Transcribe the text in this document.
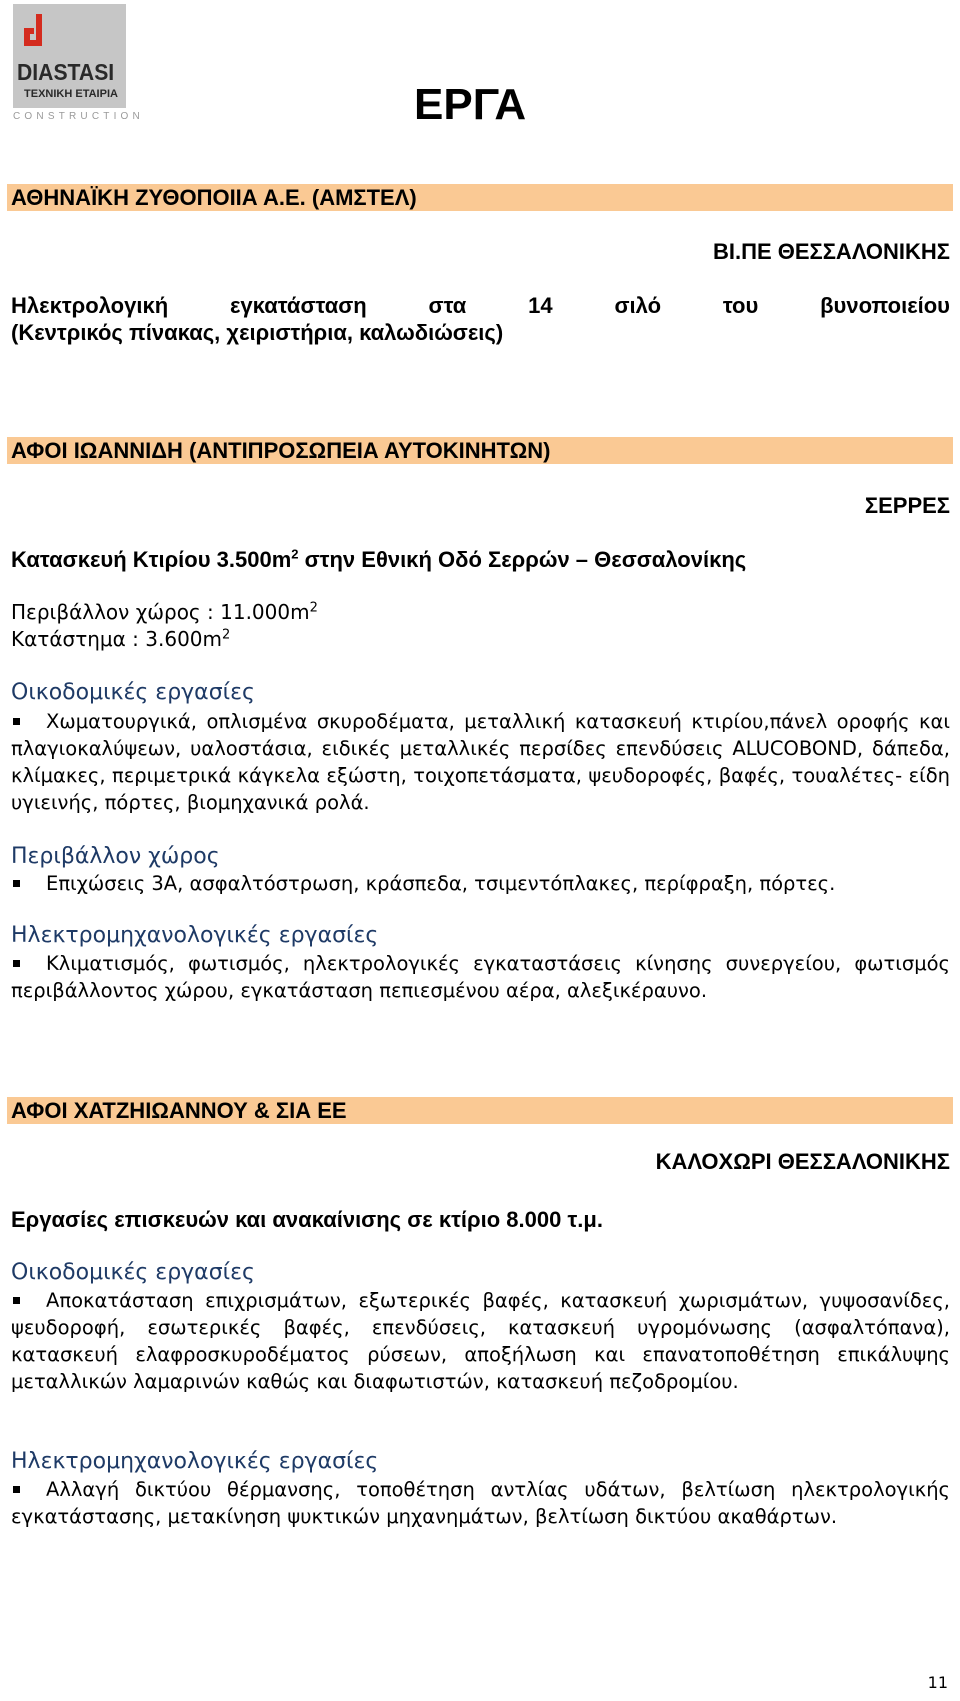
DIASTASI
ΤΕΧΝΙΚΗ ΕΤΑΙΡΙΑ
CONSTRUCTION	ΕΡΓΑ
ΑΘΗΝΑΪΚΗ ΖΥΘΟΠΟΙΙΑ Α.Ε. (ΑΜΣΤΕΛ)
ΒΙ.ΠΕ ΘΕΣΣΑΛΟΝΙΚΗΣ
Ηλεκτρολογική εγκατάσταση στα 14 σιλό του βυνοποιείου
(Κεντρικός πίνακας, χειριστήρια, καλωδιώσεις)
ΑΦΟΙ ΙΩΑΝΝΙΔΗ (ΑΝΤΙΠΡΟΣΩΠΕΙΑ ΑΥΤΟΚΙΝΗΤΩΝ)
ΣΕΡΡΕΣ
Κατασκευή Κτιρίου $3.500m^2$ στην Εθνική Οδό Σερρών – Θεσσαλονίκης
Περιβάλλον χώρος : $11.000m^2$
Κατάστημα : $3.600m^2$
Οικοδομικές εργασίες
Χωματουργικά, οπλισμένα σκυροδέματα, μεταλλική κατασκευή κτιρίου,πάνελ οροφής και πλαγιοκαλύψεων, υαλοστάσια, ειδικές μεταλλικές περσίδες επενδύσεις ALUCOBOND, δάπεδα, κλίμακες, περιμετρικά κάγκελα εξώστη, τοιχοπετάσματα, ψευδοροφές, βαφές, τουαλέτες- είδη υγιεινής, πόρτες, βιομηχανικά ρολά.
Περιβάλλον χώρος
Επιχώσεις 3Α, ασφαλτόστρωση, κράσπεδα, τσιμεντόπλακες, περίφραξη, πόρτες.
Ηλεκτρομηχανολογικές εργασίες
Κλιματισμός, φωτισμός, ηλεκτρολογικές εγκαταστάσεις κίνησης συνεργείου, φωτισμός περιβάλλοντος χώρου, εγκατάσταση πεπιεσμένου αέρα, αλεξικέραυνο.
ΑΦΟΙ ΧΑΤΖΗΙΩΑΝΝΟΥ & ΣΙΑ ΕΕ
ΚΑΛΟΧΩΡΙ ΘΕΣΣΑΛΟΝΙΚΗΣ
Εργασίες επισκευών και ανακαίνισης σε κτίριο 8.000 τ.μ.
Οικοδομικές εργασίες
Αποκατάσταση επιχρισμάτων, εξωτερικές βαφές, κατασκευή χωρισμάτων, γυψοσανίδες, ψευδοροφή, εσωτερικές βαφές, επενδύσεις, κατασκευή υγρομόνωσης (ασφαλτόπανα), κατασκευή ελαφροσκυροδέματος ρύσεων, αποξήλωση και επανατοποθέτηση επικάλυψης μεταλλικών λαμαρινών καθώς και διαφωτιστών, κατασκευή πεζοδρομίου.
Ηλεκτρομηχανολογικές εργασίες
Αλλαγή δικτύου θέρμανσης, τοποθέτηση αντλίας υδάτων, βελτίωση ηλεκτρολογικής εγκατάστασης, μετακίνηση ψυκτικών μηχανημάτων, βελτίωση δικτύου ακαθάρτων.
11
